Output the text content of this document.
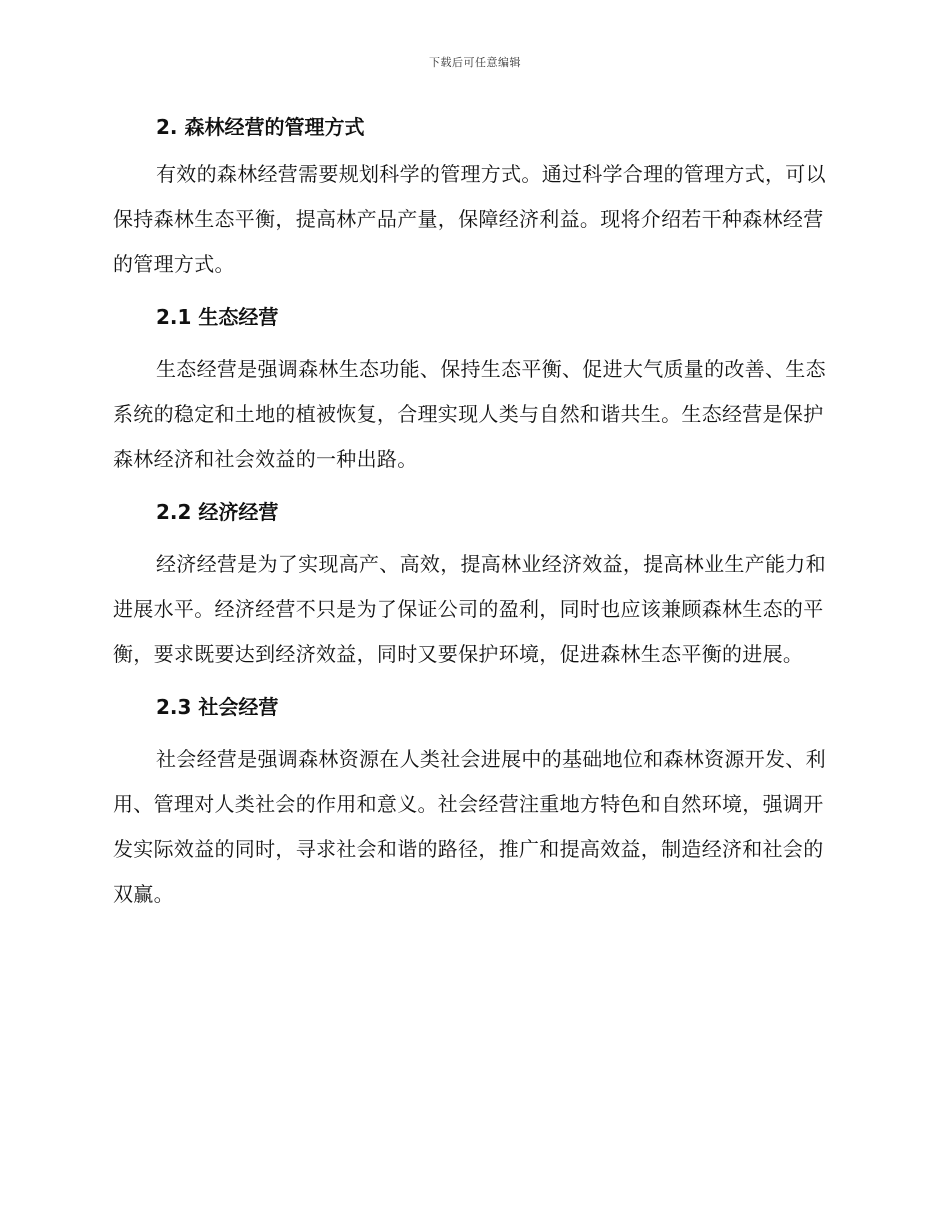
下载后可任意编辑
2. 森林经营的管理方式

有效的森林经营需要规划科学的管理方式。通过科学合理的管理方式，可以保持森林生态平衡，提高林产品产量，保障经济利益。现将介绍若干种森林经营的管理方式。

2.1 生态经营

生态经营是强调森林生态功能、保持生态平衡、促进大气质量的改善、生态系统的稳定和土地的植被恢复，合理实现人类与自然和谐共生。生态经营是保护森林经济和社会效益的一种出路。

2.2 经济经营

经济经营是为了实现高产、高效，提高林业经济效益，提高林业生产能力和进展水平。经济经营不只是为了保证公司的盈利，同时也应该兼顾森林生态的平衡，要求既要达到经济效益，同时又要保护环境，促进森林生态平衡的进展。

2.3 社会经营

社会经营是强调森林资源在人类社会进展中的基础地位和森林资源开发、利用、管理对人类社会的作用和意义。社会经营注重地方特色和自然环境，强调开发实际效益的同时，寻求社会和谐的路径，推广和提高效益，制造经济和社会的双赢。
